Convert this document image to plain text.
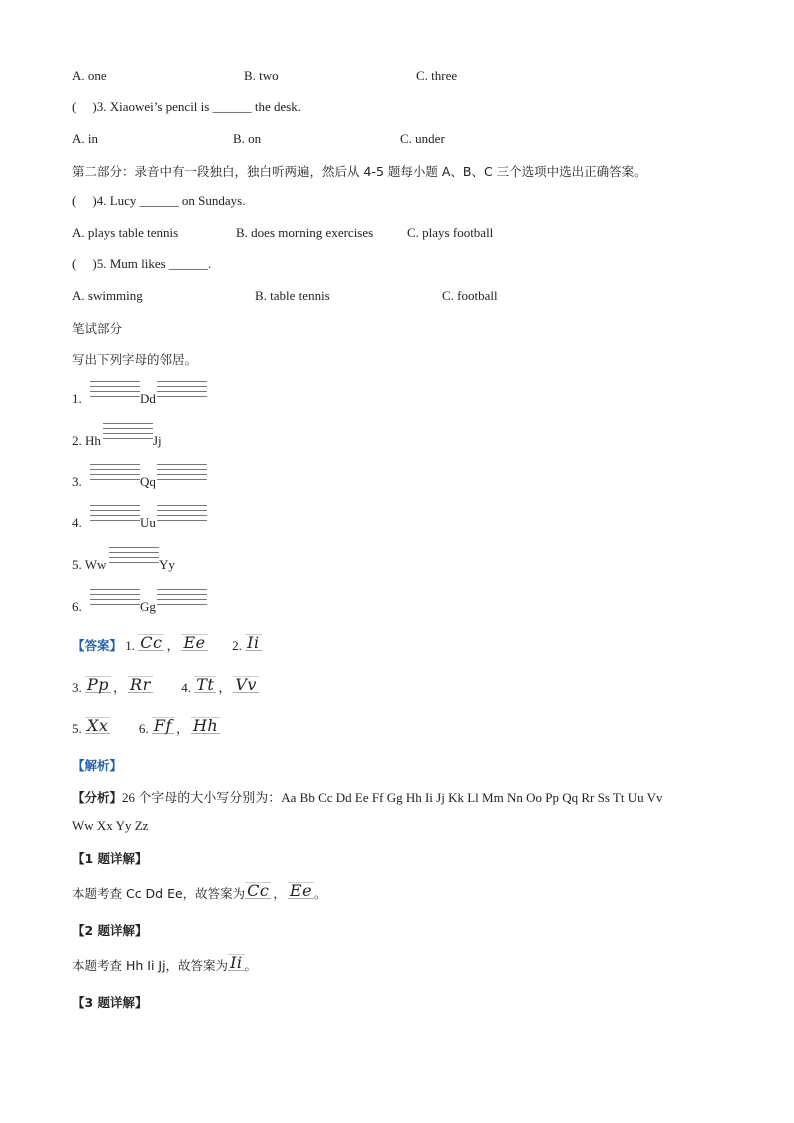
A. one	B. two	C. three
( )3. Xiaowei’s pencil is ______ the desk.
A. in	B. on	C. under
第二部分：录音中有一段独白，独白听两遍，然后从 4-5 题每小题 A、B、C 三个选项中选出正确答案。
( )4. Lucy ______ on Sundays.
A. plays table tennis	B. does morning exercises	C. plays football
( )5. Mum likes ______.
A. swimming	B. table tennis	C. football
笔试部分
写出下列字母的邻居。
1.	Dd
2. Hh	Jj
3.	Qq
4.	Uu
5. Ww	Yy
6.	Gg
【答案】 1. Cc ， Ee 2. Ii
3. Pp ， Rr 4. Tt ， Vv
5. Xx 6. Ff ， Hh
【解析】
【分析】26 个字母的大小写分别为：Aa Bb Cc Dd Ee Ff Gg Hh Ii Jj Kk Ll Mm Nn Oo Pp Qq Rr Ss Tt Uu Vv
Ww Xx Yy Zz
【1 题详解】
本题考查 Cc Dd Ee，故答案为 Cc ， Ee 。
【2 题详解】
本题考查 Hh Ii Jj，故答案为 Ii 。
【3 题详解】
